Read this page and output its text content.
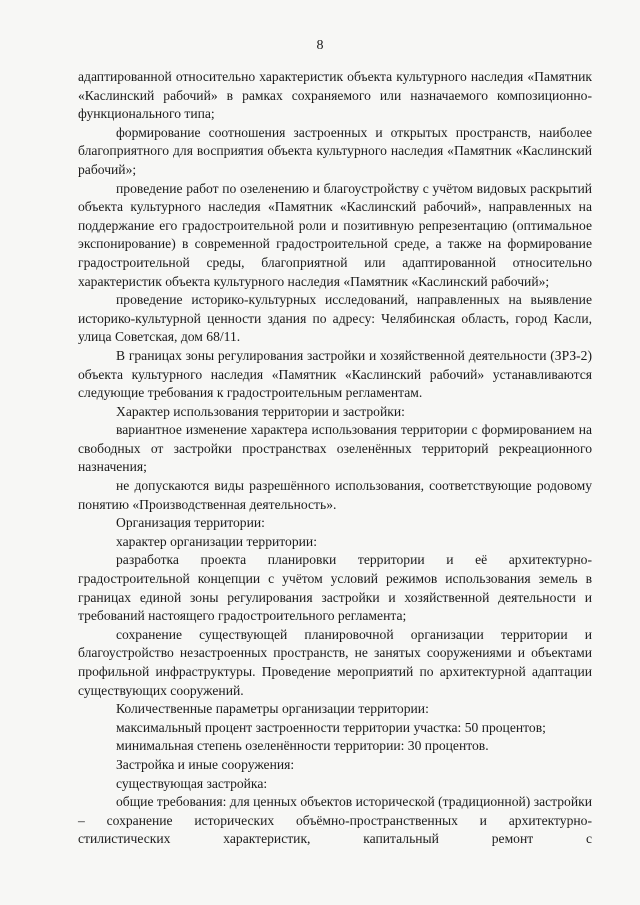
8

адаптированной относительно характеристик объекта культурного наследия «Памятник «Каслинский рабочий» в рамках сохраняемого или назначаемого композиционно-функционального типа;

формирование соотношения застроенных и открытых пространств, наиболее благоприятного для восприятия объекта культурного наследия «Памятник «Каслинский рабочий»;

проведение работ по озеленению и благоустройству с учётом видовых раскрытий объекта культурного наследия «Памятник «Каслинский рабочий», направленных на поддержание его градостроительной роли и позитивную репрезентацию (оптимальное экспонирование) в современной градостроительной среде, а также на формирование градостроительной среды, благоприятной или адаптированной относительно характеристик объекта культурного наследия «Памятник «Каслинский рабочий»;

проведение историко-культурных исследований, направленных на выявление историко-культурной ценности здания по адресу: Челябинская область, город Касли, улица Советская, дом 68/11.

В границах зоны регулирования застройки и хозяйственной деятельности (ЗРЗ-2) объекта культурного наследия «Памятник «Каслинский рабочий» устанавливаются следующие требования к градостроительным регламентам.

Характер использования территории и застройки:

вариантное изменение характера использования территории с формированием на свободных от застройки пространствах озеленённых территорий рекреационного назначения;

не допускаются виды разрешённого использования, соответствующие родовому понятию «Производственная деятельность».

Организация территории:

характер организации территории:

разработка проекта планировки территории и её архитектурно-градостроительной концепции с учётом условий режимов использования земель в границах единой зоны регулирования застройки и хозяйственной деятельности и требований настоящего градостроительного регламента;

сохранение существующей планировочной организации территории и благоустройство незастроенных пространств, не занятых сооружениями и объектами профильной инфраструктуры. Проведение мероприятий по архитектурной адаптации существующих сооружений.

Количественные параметры организации территории:

максимальный процент застроенности территории участка: 50 процентов;

минимальная степень озеленённости территории: 30 процентов.

Застройка и иные сооружения:

существующая застройка:

общие требования: для ценных объектов исторической (традиционной) застройки – сохранение исторических объёмно-пространственных и архитектурно-стилистических характеристик, капитальный ремонт с
